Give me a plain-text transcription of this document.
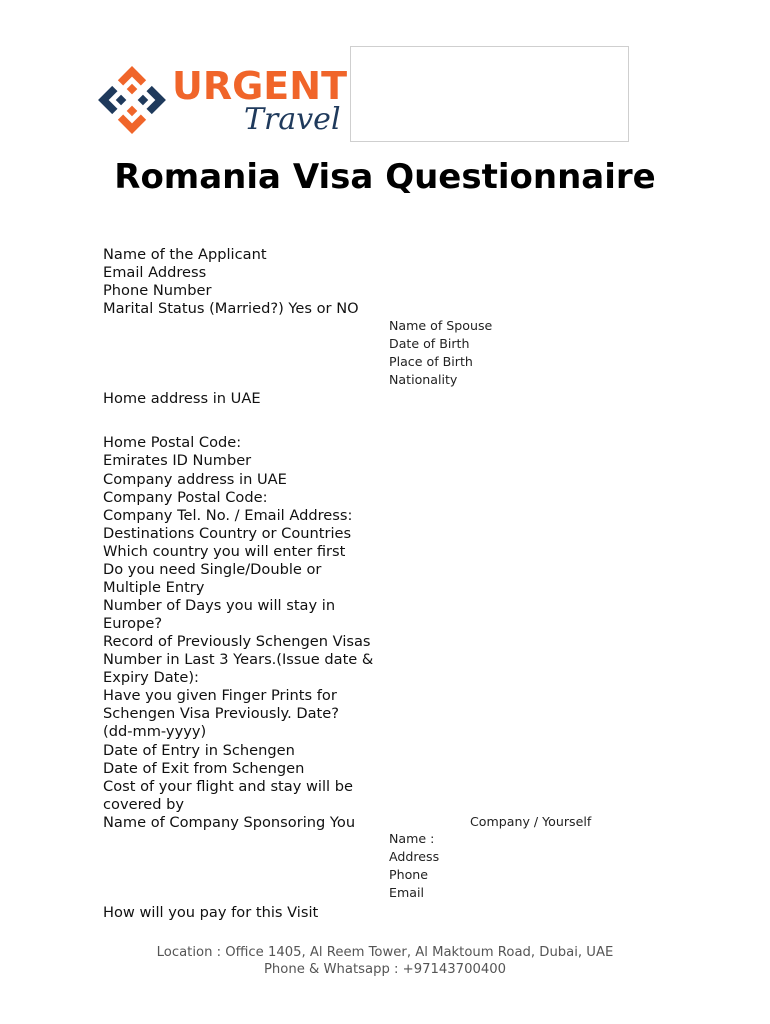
URGENT
Travel
Romania Visa Questionnaire
Name of the Applicant
Email Address
Phone Number
Marital Status (Married?) Yes or NO
Name of Spouse
Date of Birth
Place of Birth
Nationality
Home address in UAE
Home Postal Code:
Emirates ID Number
Company address in UAE
Company Postal Code:
Company Tel. No. / Email Address:
Destinations Country or Countries
Which country you will enter first
Do you need Single/Double or Multiple Entry
Number of Days you will stay in Europe?
Record of Previously Schengen Visas Number in Last 3 Years.(Issue date & Expiry Date):
Have you given Finger Prints for Schengen Visa Previously. Date? (dd-mm-yyyy)
Date of Entry in Schengen
Date of Exit from Schengen
Cost of your flight and stay will be covered by
Company / Yourself
Name of Company Sponsoring You
Name :
Address
Phone
Email
How will you pay for this Visit
Location : Office 1405, Al Reem Tower, Al Maktoum Road, Dubai, UAE
Phone & Whatsapp : +97143700400
